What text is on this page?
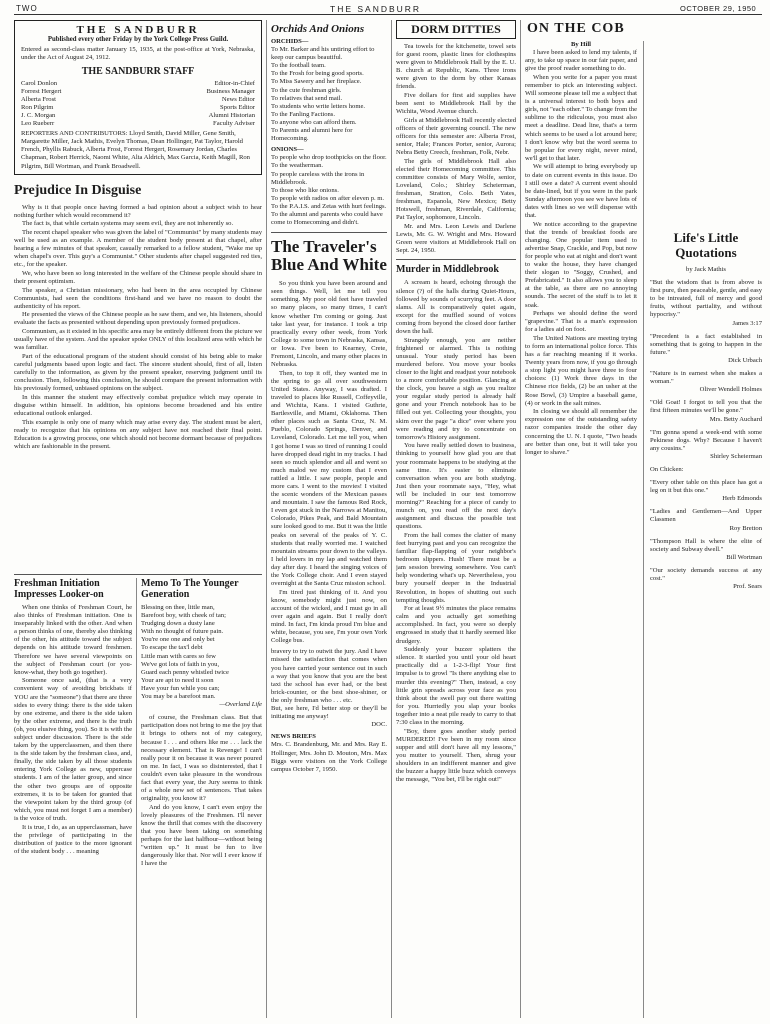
TWO	THE SANDBURR	OCTOBER 29, 1950
THE SANDBURR
Published every other Friday by the York College Press Guild.
Entered as second-class matter January 15, 1935, at the post-office at York, Nebraska, under the Act of August 24, 1912.
THE SANDBURR STAFF
Carol Donlon	Editor-in-Chief
Forrest Hergert	Business Manager
Alberta Frost	News Editor
Ron Pilgrim	Sports Editor
J. C. Morgan	Alumni Historian
Leo Rueberr	Faculty Adviser
REPORTERS AND CONTRIBUTORS: Lloyd Smith, David Miller, Gene Smith, Margarette Miller, Jack Mathis, Evelyn Thomas, Dean Hollinger, Pat Taylor, Harold French, Phyllis Rabuck, Alberta Frost, Forrest Hergert, Rosemary Jordan, Charles Chapman, Robert Herrick, Naomi White, Alta Aldrich, Max Garcia, Keith Magill, Ron Pilgrim, Bill Wortman, and Frank Broadwell.
Prejudice In Disguise

Why is it that people once having formed a bad opinion about a subject wish to hear nothing further which would recommend it?

The fact is, that while certain systems may seem evil, they are not inherently so.

The recent chapel speaker who was given the label of "Communist" by many students may well be used as an example. A member of the student body present at that chapel, after hearing a few minutes of that speaker, casually remarked to a fellow student, "Wake me up when chapel's over. This guy's a Communist." Other students after chapel suggested red ties, etc., for the speaker.

We, who have been so long interested in the welfare of the Chinese people should share in their present optimism.

The speaker, a Christian missionary, who had been in the area occupied by Chinese Communists, had seen the conditions first-hand and we have no reason to doubt the authenticity of his report.

He presented the views of the Chinese people as he saw them, and we, his listeners, should evaluate the facts as presented without depending upon previously formed prejudices.

Communism, as it existed in his specific area may be entirely different from the picture we usually have of the system. And the speaker spoke ONLY of this localized area with which he was familiar.

Part of the educational program of the student should consist of his being able to make careful judgments based upon logic and fact. The sincere student should, first of all, listen carefully to the information, as given by the present speaker, reserving judgment until its conclusion. Then, following this conclusion, he should compare the present information with his previously formed, unbiased opinions on the subject.

In this manner the student may effectively combat prejudice which may operate in disguise within himself. In addition, his opinions become broadened and his entire educational outlook enlarged.

This example is only one of many which may arise every day. The student must be alert, ready to recognize that his opinions on any subject have not reached their final point. Education is a growing process, one which should not become dormant because of prejudices which are fashionable in the present.

Freshman Initiation Impresses Looker-on

When one thinks of Freshman Court, he also thinks of Freshman initiation. One is inseparably linked with the other. And when a person thinks of one, thereby also thinking of the other, his attitude toward the subject depends on his attitude toward freshmen. Therefore we have several viewpoints on the subject of Freshman court (or you-know-what, they both go together).

Someone once said, (that is a very convenient way of avoiding brickbats if YOU are the "someone") that there are three sides to every thing: there is the side taken by one extreme, and there is the side taken by the other extreme, and there is the truth (oh, you elusive thing, you). So it is with the subject under discussion. There is the side taken by the upperclassmen, and then there is the side taken by the freshman class, and, finally, the side taken by all those students entering York College as new, uppercase students. I am of the latter group, and since the other two groups are of opposite extremes, it is to be taken for granted that the viewpoint taken by the third group (of which, you must not forget I am a member) is the voice of truth.

It is true, I do, as an upperclassman, have the privilege of participating in the distribution of justice to the more ignorant of the student body . . . meaning

Memo To The Younger Generation
Blessing on thee, little man,
Barefoot boy, with cheek of tan;
Trudging down a dusty lane
With no thought of future pain.
You're one one and only bet
To escape the tax'l debt
Little man with cares so few
We've got lots of faith in you,
Guard each penny whistled twice
Your are apt to need it soon
Have your fun while you can;
You may be a barefoot man.
—Overland Life

of course, the Freshman class. But that participation does not bring to me the joy that it brings to others not of my category, because I . . . and others like me . . . lack the necessary element. That is Revenge! I can't really pour it on because it was never poured on me. In fact, I was so disinterested, that I couldn't even take pleasure in the wondrous fact that every year, the Jury seems to think of a whole new set of sentences. That takes originality, you know it?

And do you know, I can't even enjoy the lovely pleasures of the Freshmen. I'll never know the thrill that comes with the discovery that you have been taking on something perhaps for the last halfhour—without being "written up." It must be fun to live dangerously like that. Nor will I ever know if I have the

Orchids And Onions
ORCHIDS—
To Mr. Barker and his untiring effort to keep our campus beautiful.
To the football team.
To the Frosh for being good sports.
To Miss Sawery and her fireplace.
To the cute freshman girls.
To relatives that send mail.
To students who write letters home.
To the Fanling Factions.
To anyone who can afford them.
To Parents and alumni here for Homecoming.
ONIONS—
To people who drop toothpicks on the floor.
To the weatherman.
To people careless with the irons in Middlebrook.
To those who like onions.
To people with radios on after eleven p. m.
To the P.A.I.S. and Zetas with hurt feelings.
To the alumni and parents who could have come to Homecoming and didn't.
The Traveler's Blue And White

So you think you have been around and seen things. Well, let me tell you something. My poor old feet have traveled so many places, so many times, I can't know whether I'm coming or going. Just take last year, for instance. I took a trip practically every other week, from York College to some town in Nebraska, Kansas, or Iowa. I've been to Kearney, Crete, Fremont, Lincoln, and many other places in Nebraska.

Then, to top it off, they wanted me in the spring to go all over southwestern United States. Anyway, I was drafted. I traveled to places like Russell, Coffeyville, and Wichita, Kans. I visited Guthrie, Bartlesville, and Miami, Oklahoma. Then other places such as Santa Cruz, N. M. Pueblo, Colorado Springs, Denver, and Loveland, Colorado. Let me tell you, when I got home I was so tired of running I could have dropped dead right in my tracks. I had seen so much splendor and all and went so much malod we my custom that I even rattled a little. I saw people, people and more cars. I went to the movies! I visited the scenic wonders of the Mexican passes and mountain. I saw the famous Red Rock, I even got stuck in the Narrows at Manitou, Colorado, Pikes Peak, and Bald Mountain sure looked good to me. But it was the little peaks on several of the peaks of Y. C. students that really worried me. I watched mountain streams pour down to the valleys. I held lovers in my lap and watched them day after day. I heard the singing voices of the York College choir. And I even stayed overnight at the Santa Cruz mission school.

I'm tired just thinking of it. And you know, somebody might just now, on account of the wicked, and I must go in all over again and again. But I really don't mind. In fact, I'm kinda proud I'm blue and white, because, you see, I'm your own York College bus.

bravery to try to outwit the jury. And I have missed the satisfaction that comes when you have carried your sentence out in such a way that you know that you are the best taxi the school has ever had, or the best brick-counter, or the best shoe-shiner, or the only freshman who . . . etc.
But, see here, I'd better stop or they'll be initiating me anyway!
DOC.
NEWS BRIEFS
Mrs. C. Brandenburg, Mr. and Mrs. Ray E. Hollinger, Mrs. John D. Mouton, Mrs. Max Biggs were visitors on the York College campus October 7, 1950.
DORM DITTIES

Tea towels for the kitchenette, towel sets for guest room, plastic lines for clothespins were given to Middlebrook Hall by the E. U. B. church at Republic, Kans. Three irons were given to the dorm by other Kansas friends.

Five dollars for first aid supplies have been sent to Middlebrook Hall by the Wichita, Wood Avenue church.

Girls at Middlebrook Hall recently elected officers of their governing council. The new officers for this semester are: Alberta Frost, senior, Hale; Frances Porter, senior, Aurora; Nebra Betty Creech, freshman, Folk, Nebr.

The girls of Middlebrook Hall also elected their Homecoming committee. This committee consists of Mary Wolfe, senior, Loveland, Colo.; Shirley Scheierman, freshman, Stratton, Colo. Beth Yates, freshman, Espanola, New Mexico; Betty Hotswell, freshman, Riverdale, California; Pat Taylor, sophomore, Lincoln.

Mr. and Mrs. Leon Lewis and Darlene Lewis, Mr. G. W. Wright and Mrs. Howard Green were visitors at Middlebrook Hall on Sept. 24, 1950.

Murder in Middlebrook

A scream is heard, echoing through the silence (?) of the halls during Quiet-Hours, followed by sounds of scurrying feet. A door slams. All is comparatively quiet again, except for the muffled sound of voices coming from beyond the closed door farther down the hall.

Strangely enough, you are neither frightened or alarmed. This is nothing unusual. Your study period has been murdered before. You move your books closer to the light and readjust your notebook to a more comfortable position. Glancing at the clock, you heave a sigh as you realize your regular study period is already half gone and your French notebook has to be filled out yet. Collecting your thoughts, you skim over the page "a dice" over where you were reading and try to concentrate on tomorrow's History assignment.

You have really settled down to business, thinking to yourself how glad you are that your roommate happens to be studying at the same time. It's easier to eliminate conversation when you are both studying. Just then your roommate says, "Hey, what will be included in our test tomorrow morning?" Reaching for a piece of candy to munch on, you read off the next day's assignment and discuss the possible test questions.

From the hall comes the clatter of many feet hurrying past and you can recognize the familiar flap-flapping of your neighbor's bedroom slippers. Hush! There must be a jam session brewing somewhere. You can't help wondering what's up. Nevertheless, you bury yourself deeper in the Industrial Revolution, in hopes of shutting out such tempting thoughts.

For at least 9½ minutes the place remains calm and you actually get something accomplished. In fact, you were so deeply engrossed in study that it hardly seemed like drudgery.

Suddenly your buzzer splatters the silence. It startled you until your old heart practically did a 1-2-3-flip! Your first impulse is to growl "Is there anything else to murder this evening?" Then, instead, a coy little grin spreads across your face as you think about the swell pay out there waiting for you. Hurriedly you slap your books together into a neat pile ready to carry to that 7:30 class in the morning.

"Boy, there goes another study period MURDERED! I've been in my room since supper and still don't have all my lessons," you mutter to yourself. Then, shrug your shoulders in an indifferent manner and give the buzzer a happy little buzz which conveys the message, "You bet, I'll be right out!"

ON THE COB
By Hill

I have been asked to lend my talents, if any, to take up space in our fair paper, and give the proof reader something to do.

When you write for a paper you must remember to pick an interesting subject. Will someone please tell me a subject that is a universal interest to both boys and girls, not "each other." To change from the sublime to the ridiculous, you must also meet a deadline. Dead line, that's a term which seems to be used a lot around here; I don't know why but the word seems to be popular for every night, never mind, we'll get to that later.

We will attempt to bring everybody up to date on current events in this issue. Do I still owe a date? A current event should be date-lined, but if you were in the park Sunday afternoon you see we have lots of dates with lines so we will dispense with that.

We notice according to the grapevine that the trends of breakfast foods are changing. One popular item used to advertise Snap, Crackle, and Pop, but now for people who eat at night and don't want to wake the house, they have changed their slogan to "Soggy, Crushed, and Prefabricated." It also allows you to sleep at the table, as there are no annoying sounds. The secret of the stuff is to let it soak.

Perhaps we should define the word "grapevine." That is a man's expression for a ladies aid on foot.

The United Nations are meeting trying to form an international police force. This has a far reaching meaning if it works. Twenty years from now, if you go through a stop light you might have three to four choices: (1) Work three days in the Chinese rice fields, (2) be an usher at the Rose Bowl, (3) Umpire a baseball game, (4) or work in the salt mines.

In closing we should all remember the expression one of the outstanding safety razor companies inside the other day concerning the U. N. I quote, "Two heads are better than one, but it will take you longer to shave."

Life's Little Quotations
by Jack Mathis
"But the wisdom that is from above is first pure, then peaceable, gentle, and easy to be intreated, full of mercy and good fruits, without partiality, and without hypocrisy."
James 3:17
"Precedent is a fact established in something that is going to happen in the future."
Dick Urbach
"Nature is in earnest when she makes a woman."
Oliver Wendell Holmes
"Old Goat! I forgot to tell you that the first fifteen minutes we'll be gone."
Mrs. Betty Auchard
"I'm gonna spend a week-end with some Pekinese dogs. Why? Because I haven't any cousins."
Shirley Scheierman
On Chicken:
"Every other table on this place has got a leg on it but this one."
Herb Edmonds
"Ladies and Gentlemen—And Upper Classmen
Roy Bretton
"Thompson Hall is where the elite of society and Subway dwell."
Bill Wortman
"Our society demands success at any cost."
Prof. Sears
